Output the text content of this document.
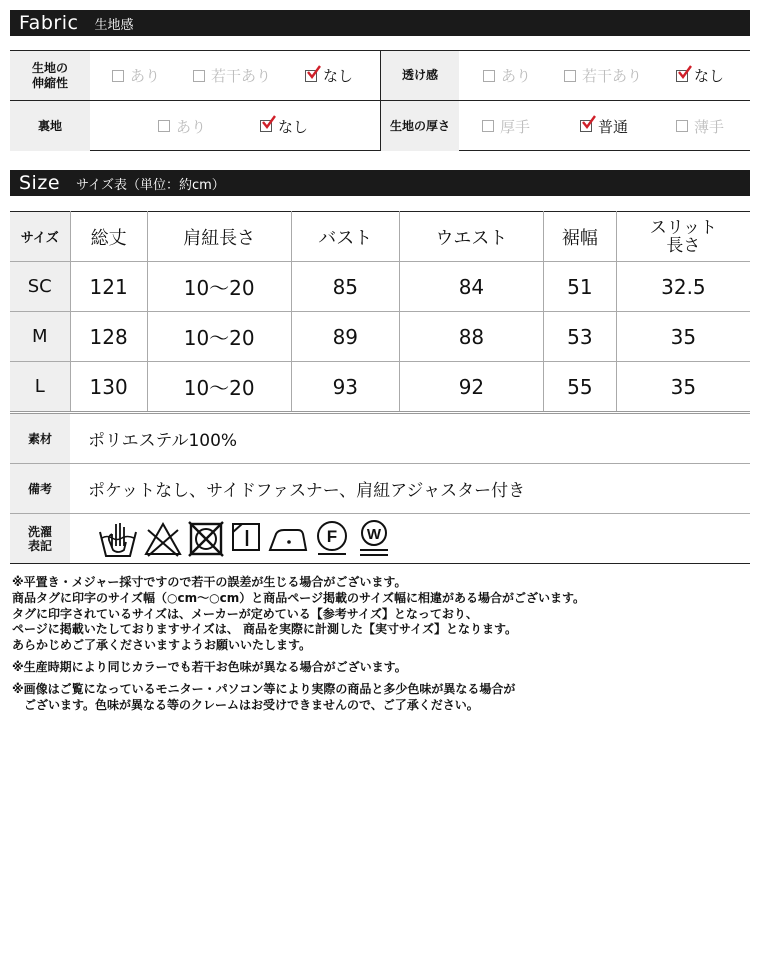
Fabric 生地感
生地の
伸縮性	あり	若干あり	なし	透け感	あり	若干あり	なし
裏地	あり	なし	生地の厚さ	厚手	普通	薄手
Size サイズ表（単位：約cm）
サイズ	総丈	肩紐長さ	バスト	ウエスト	裾幅	スリット
長さ
SC	121	10〜20	85	84	51	32.5
M	128	10〜20	89	88	53	35
L	130	10〜20	93	92	55	35
素材	ポリエステル100%
備考	ポケットなし、サイドファスナー、肩紐アジャスター付き
洗濯
表記	F W

※平置き・メジャー採寸ですので若干の誤差が生じる場合がございます。

商品タグに印字のサイズ幅（○cm〜○cm）と商品ページ掲載のサイズ幅に相違がある場合がございます。

タグに印字されているサイズは、メーカーが定めている【参考サイズ】となっており、

ページに掲載いたしておりますサイズは、 商品を実際に計測した【実寸サイズ】となります。

あらかじめご了承くださいますようお願いいたします。

※生産時期により同じカラーでも若干お色味が異なる場合がございます。

※画像はご覧になっているモニター・パソコン等により実際の商品と多少色味が異なる場合が

　ございます。色味が異なる等のクレームはお受けできませんので、ご了承ください。
